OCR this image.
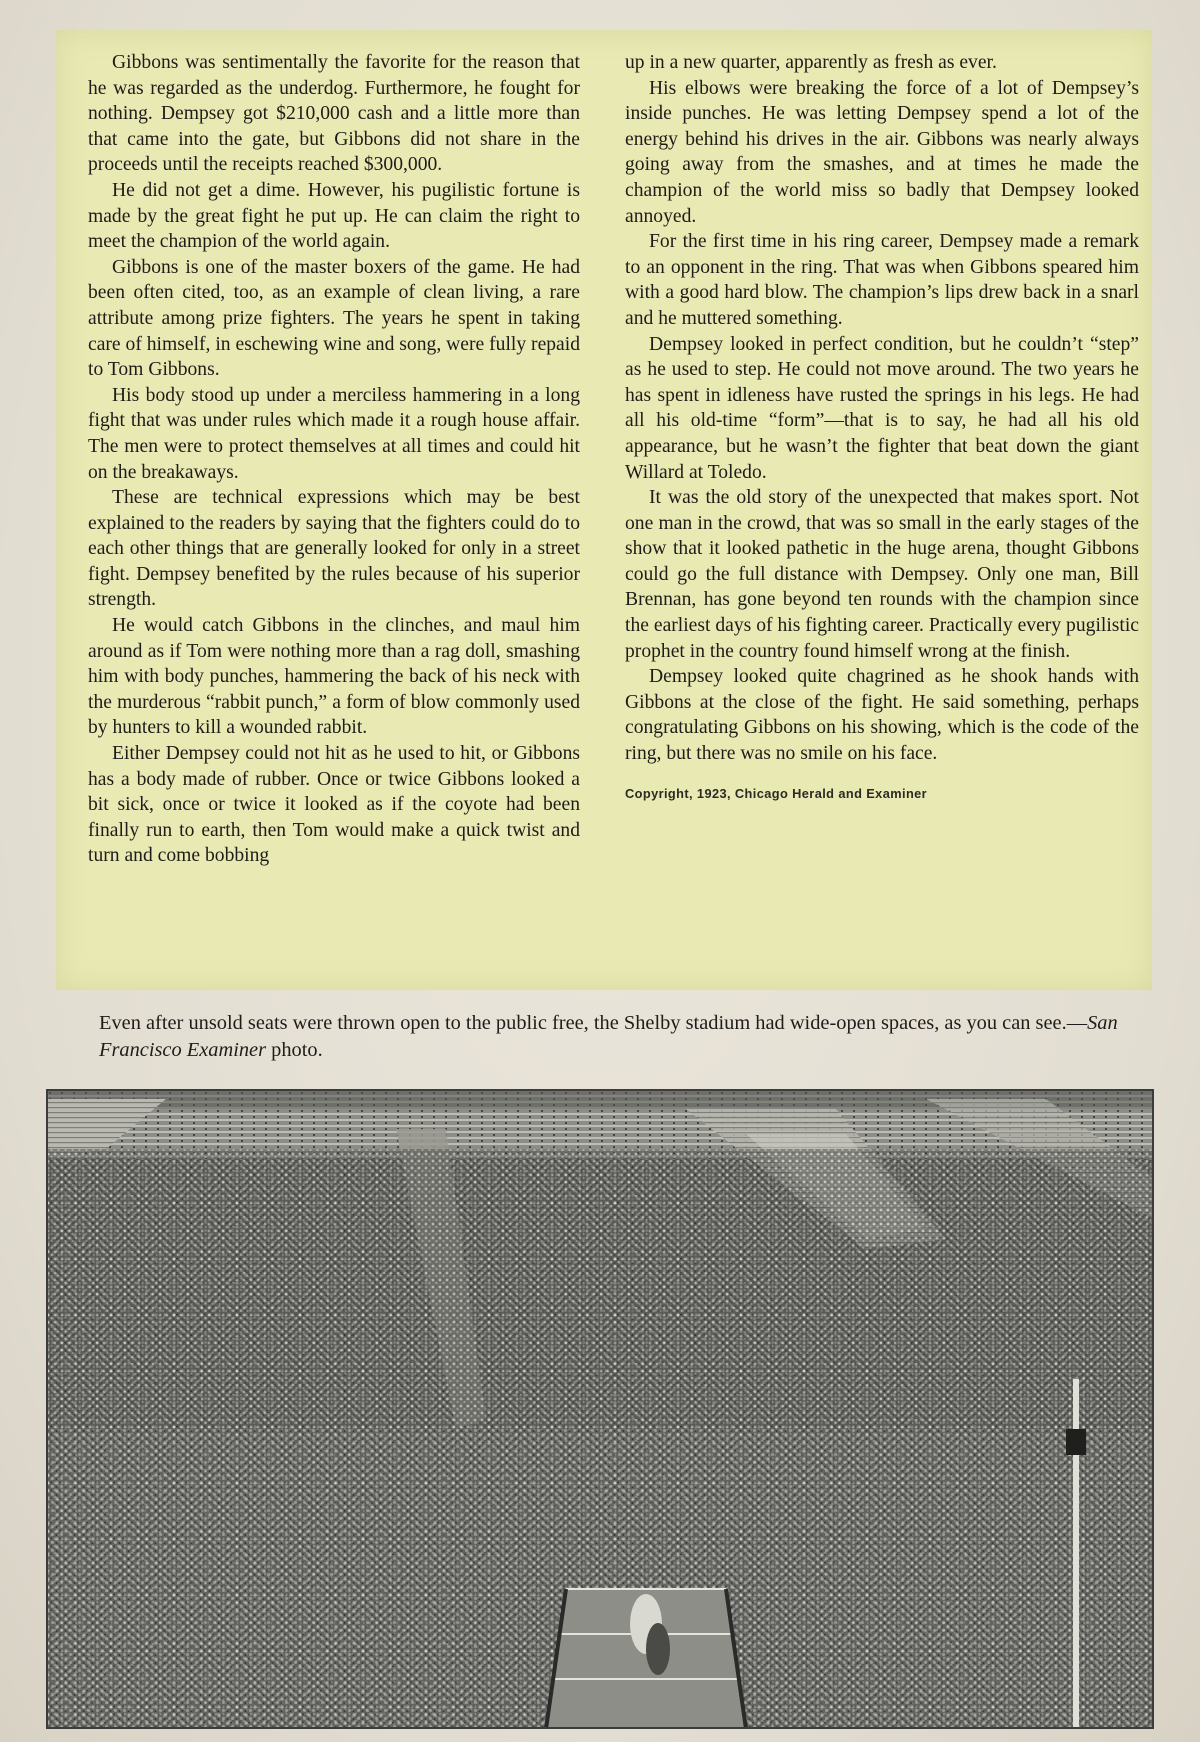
Gibbons was sentimentally the favorite for the reason that he was regarded as the underdog. Furthermore, he fought for nothing. Dempsey got $210,000 cash and a little more than that came into the gate, but Gibbons did not share in the proceeds until the receipts reached $300,000.

He did not get a dime. However, his pugilistic fortune is made by the great fight he put up. He can claim the right to meet the champion of the world again.

Gibbons is one of the master boxers of the game. He had been often cited, too, as an example of clean living, a rare attribute among prize fighters. The years he spent in taking care of himself, in eschewing wine and song, were fully repaid to Tom Gibbons.

His body stood up under a merciless hammering in a long fight that was under rules which made it a rough house affair. The men were to protect themselves at all times and could hit on the breakaways.

These are technical expressions which may be best explained to the readers by saying that the fighters could do to each other things that are generally looked for only in a street fight. Dempsey benefited by the rules because of his superior strength.

He would catch Gibbons in the clinches, and maul him around as if Tom were nothing more than a rag doll, smashing him with body punches, hammering the back of his neck with the murderous “rabbit punch,” a form of blow commonly used by hunters to kill a wounded rabbit.

Either Dempsey could not hit as he used to hit, or Gibbons has a body made of rubber. Once or twice Gibbons looked a bit sick, once or twice it looked as if the coyote had been finally run to earth, then Tom would make a quick twist and turn and come bobbing

up in a new quarter, apparently as fresh as ever.

His elbows were breaking the force of a lot of Dempsey’s inside punches. He was letting Dempsey spend a lot of the energy behind his drives in the air. Gibbons was nearly always going away from the smashes, and at times he made the champion of the world miss so badly that Dempsey looked annoyed.

For the first time in his ring career, Dempsey made a remark to an opponent in the ring. That was when Gibbons speared him with a good hard blow. The champion’s lips drew back in a snarl and he muttered something.

Dempsey looked in perfect condition, but he couldn’t “step” as he used to step. He could not move around. The two years he has spent in idleness have rusted the springs in his legs. He had all his old-time “form”—that is to say, he had all his old appearance, but he wasn’t the fighter that beat down the giant Willard at Toledo.

It was the old story of the unexpected that makes sport. Not one man in the crowd, that was so small in the early stages of the show that it looked pathetic in the huge arena, thought Gibbons could go the full distance with Dempsey. Only one man, Bill Brennan, has gone beyond ten rounds with the champion since the earliest days of his fighting career. Practically every pugilistic prophet in the country found himself wrong at the finish.

Dempsey looked quite chagrined as he shook hands with Gibbons at the close of the fight. He said something, perhaps congratulating Gibbons on his showing, which is the code of the ring, but there was no smile on his face.

Copyright, 1923, Chicago Herald and Examiner
Even after unsold seats were thrown open to the public free, the Shelby stadium had wide-open spaces, as you can see.—San Francisco Examiner photo.
